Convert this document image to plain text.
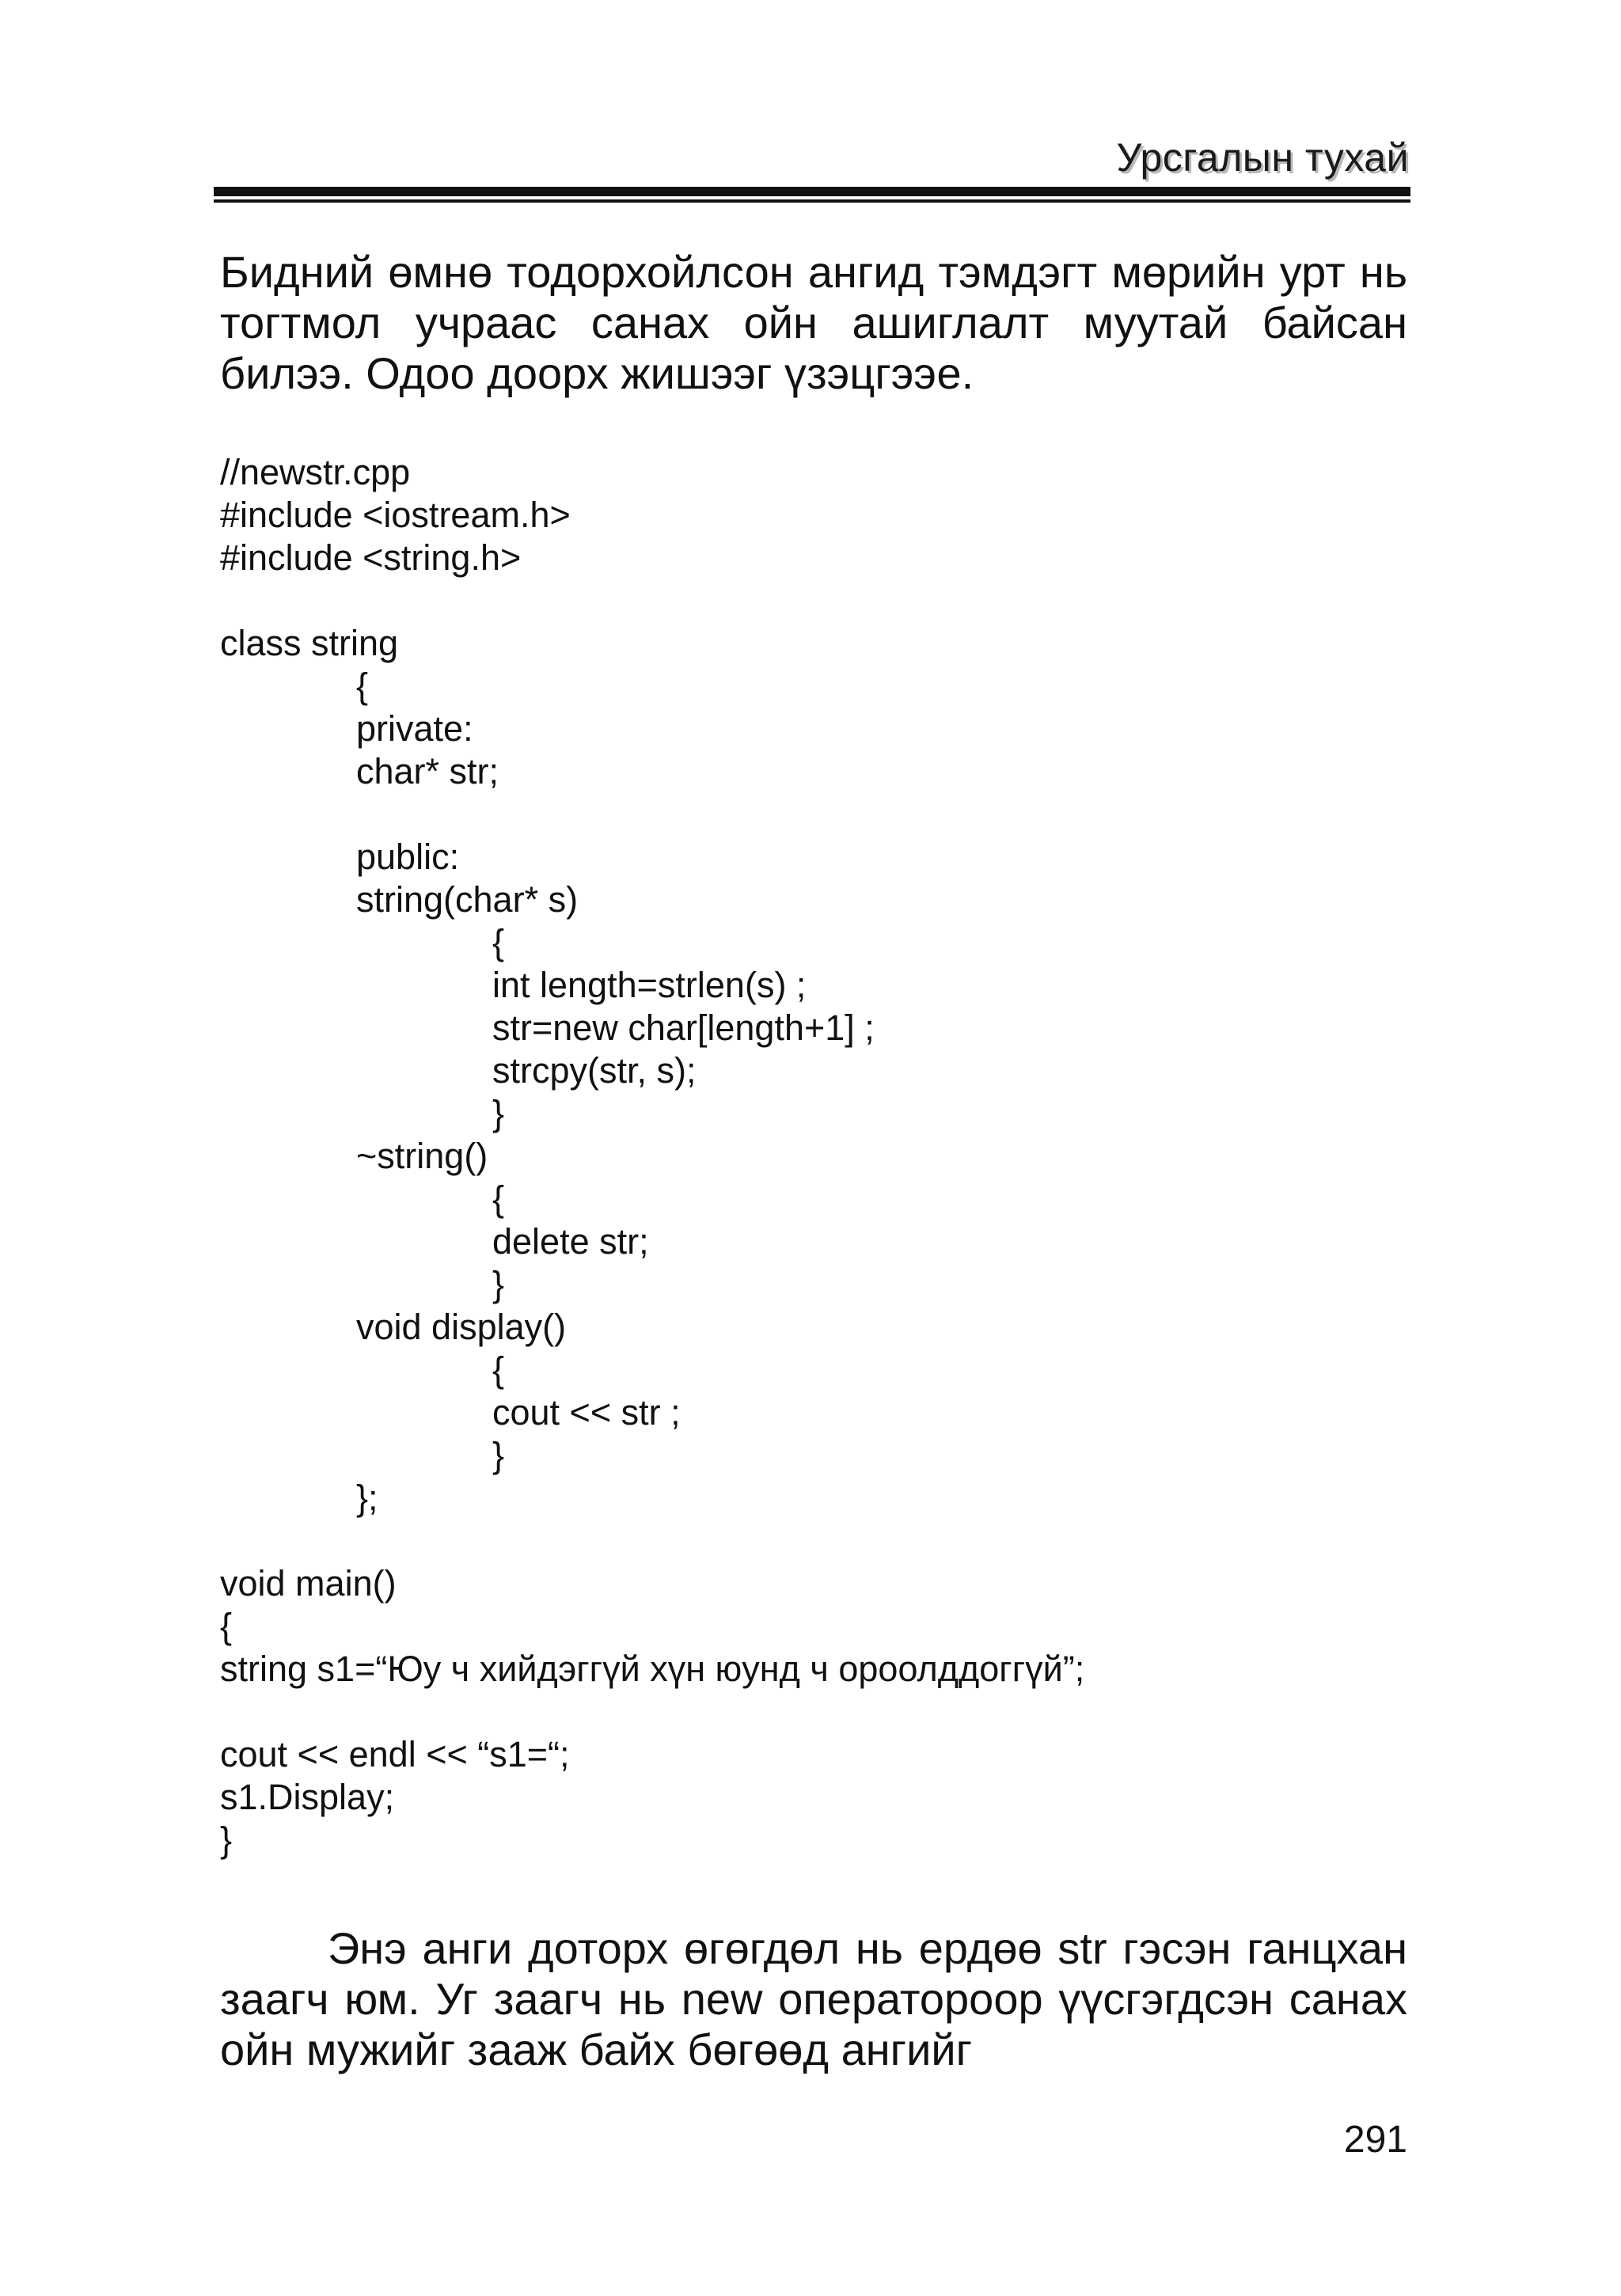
Урсгалын тухай

Бидний өмнө тодорхойлсон ангид тэмдэгт мөрийн урт нь тогтмол учраас санах ойн ашиглалт муутай байсан билээ. Одоо доорх жишээг үзэцгээе.

//newstr.cpp
#include <iostream.h>
#include <string.h>
class string
{
private:
char* str;
public:
string(char* s)
{
int length=strlen(s) ;
str=new char[length+1] ;
strcpy(str, s);
}
~string()
{
delete str;
}
void display()
{
cout << str ;
}
};
void main()
{
string s1=“Юу ч хийдэггүй хүн юунд ч ороолддоггүй”;
cout << endl << “s1=“;
s1.Display;
}

Энэ анги доторх өгөгдөл нь ердөө str гэсэн ганцхан заагч юм. Уг заагч нь new оператороор үүсгэгдсэн санах ойн мужийг зааж байх бөгөөд ангийг

291
